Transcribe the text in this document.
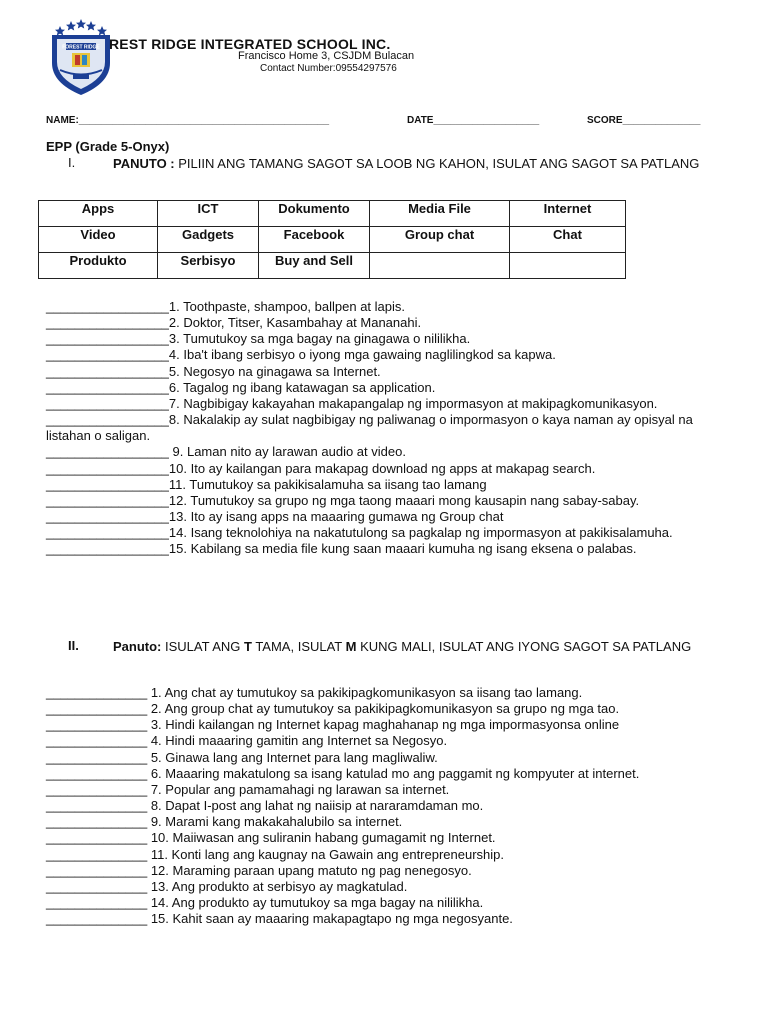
FOREST RIDGE REST RIDGE INTEGRATED SCHOOL INC.
Francisco Home 3, CSJDM Bulacan
Contact Number:09554297576
NAME:_____________________________________________	DATE___________________	SCORE______________
EPP (Grade 5-Onyx)
I.	PANUTO : PILIIN ANG TAMANG SAGOT SA LOOB NG KAHON, ISULAT ANG SAGOT SA PATLANG
Apps	ICT	Dokumento	Media File	Internet
Video	Gadgets	Facebook	Group chat	Chat
Produkto	Serbisyo	Buy and Sell		
_________________1. Toothpaste, shampoo, ballpen at lapis.
_________________2. Doktor, Titser, Kasambahay at Mananahi.
_________________3. Tumutukoy sa mga bagay na ginagawa o nililikha.
_________________4. Iba't ibang serbisyo o iyong mga gawaing naglilingkod sa kapwa.
_________________5. Negosyo na ginagawa sa Internet.
_________________6. Tagalog ng ibang katawagan sa application.
_________________7. Nagbibigay kakayahan makapangalap ng impormasyon at makipagkomunikasyon.
_________________8. Nakalakip ay sulat nagbibigay ng paliwanag o impormasyon o kaya naman ay opisyal na listahan o saligan.
_________________ 9. Laman nito ay larawan audio at video.
_________________10. Ito ay kailangan para makapag download ng apps at makapag search.
_________________11. Tumutukoy sa pakikisalamuha sa iisang tao lamang
_________________12. Tumutukoy sa grupo ng mga taong maaari mong kausapin nang sabay-sabay.
_________________13. Ito ay isang apps na maaaring gumawa ng Group chat
_________________14. Isang teknolohiya na nakatutulong sa pagkalap ng impormasyon at pakikisalamuha.
_________________15. Kabilang sa media file kung saan maaari kumuha ng isang eksena o palabas.
II.	Panuto: ISULAT ANG T TAMA, ISULAT M KUNG MALI, ISULAT ANG IYONG SAGOT SA PATLANG
______________ 1. Ang chat ay tumutukoy sa pakikipagkomunikasyon sa iisang tao lamang.
______________ 2. Ang group chat ay tumutukoy sa pakikipagkomunikasyon sa grupo ng mga tao.
______________ 3. Hindi kailangan ng Internet kapag maghahanap ng mga impormasyonsa online
______________ 4. Hindi maaaring gamitin ang Internet sa Negosyo.
______________ 5. Ginawa lang ang Internet para lang magliwaliw.
______________ 6. Maaaring makatulong sa isang katulad mo ang paggamit ng kompyuter at internet.
______________ 7. Popular ang pamamahagi ng larawan sa internet.
______________ 8. Dapat I-post ang lahat ng naiisip at nararamdaman mo.
______________ 9. Marami kang makakahalubilo sa internet.
______________ 10. Maiiwasan ang suliranin habang gumagamit ng Internet.
______________ 11. Konti lang ang kaugnay na Gawain ang entrepreneurship.
______________ 12. Maraming paraan upang matuto ng pag nenegosyo.
______________ 13. Ang produkto at serbisyo ay magkatulad.
______________ 14. Ang produkto ay tumutukoy sa mga bagay na nililikha.
______________ 15. Kahit saan ay maaaring makapagtapo ng mga negosyante.
